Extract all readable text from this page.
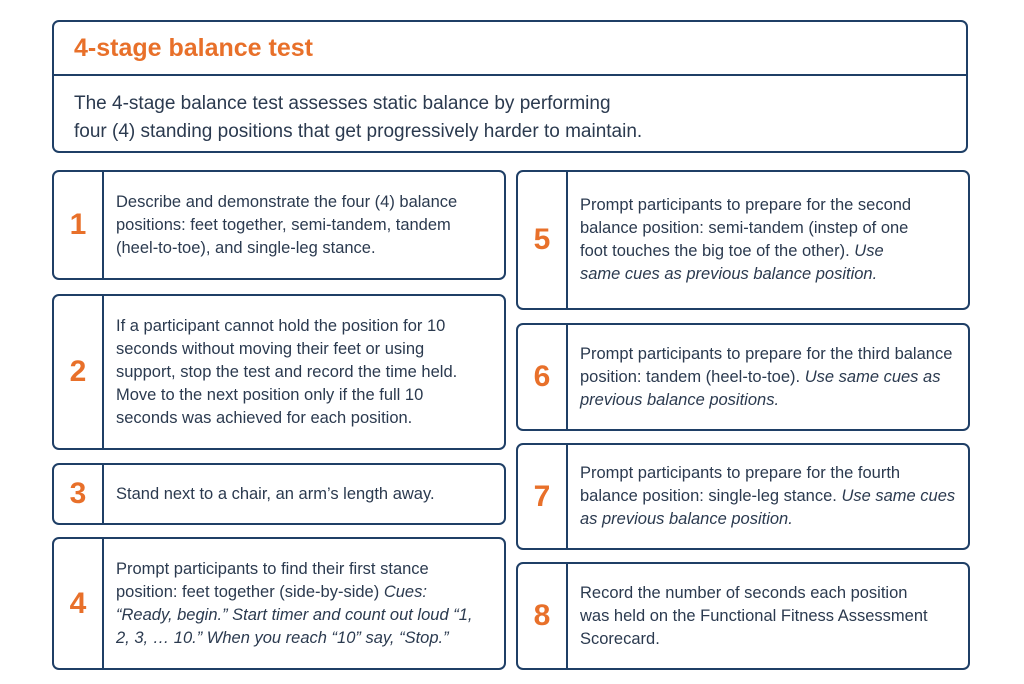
4-stage balance test
The 4-stage balance test assesses static balance by performing
four (4) standing positions that get progressively harder to maintain.
1
Describe and demonstrate the four (4) balance positions: feet together, semi-tandem, tandem (heel-to-toe), and single-leg stance.
2
If a participant cannot hold the position for 10 seconds without moving their feet or using support, stop the test and record the time held. Move to the next position only if the full 10 seconds was achieved for each position.
3	Stand next to a chair, an arm’s length away.
4
Prompt participants to find their first stance position: feet together (side-by-side) Cues: “Ready, begin.” Start timer and count out loud “1, 2, 3, … 10.” When you reach “10” say, “Stop.”
5
Prompt participants to prepare for the second balance position: semi-tandem (instep of one foot touches the big toe of the other). Use same cues as previous balance position.
6
Prompt participants to prepare for the third balance position: tandem (heel-to-toe). Use same cues as previous balance positions.
7
Prompt participants to prepare for the fourth balance position: single-leg stance. Use same cues as previous balance position.
8
Record the number of seconds each position was held on the Functional Fitness Assessment Scorecard.
